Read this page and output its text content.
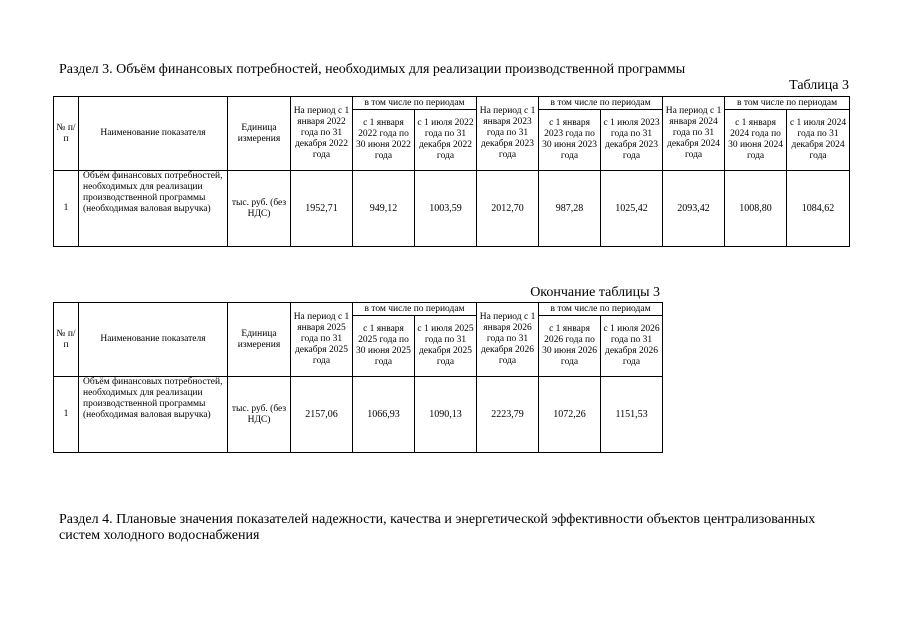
Раздел 3. Объём финансовых потребностей, необходимых для реализации производственной программы

Таблица 3
№ п/п	Наименование показателя	Единица измерения	На период с 1 января 2022 года по 31 декабря 2022 года	в том числе по периодам		На период с 1 января 2023 года по 31 декабря 2023 года	в том числе по периодам		На период с 1 января 2024 года по 31 декабря 2024 года	в том числе по периодам	
				с 1 января 2022 года по 30 июня 2022 года	с 1 июля 2022 года по 31 декабря 2022 года		с 1 января 2023 года по 30 июня 2023 года	с 1 июля 2023 года по 31 декабря 2023 года		с 1 января 2024 года по 30 июня 2024 года	с 1 июля 2024 года по 31 декабря 2024 года
1	Объём финансовых потребностей, необходимых для реализации производственной программы (необходимая валовая выручка)	тыс. руб. (без НДС)	1952,71	949,12	1003,59	2012,70	987,28	1025,42	2093,42	1008,80	1084,62
Окончание таблицы 3
№ п/п	Наименование показателя	Единица измерения	На период с 1 января 2025 года по 31 декабря 2025 года	в том числе по периодам		На период с 1 января 2026 года по 31 декабря 2026 года	в том числе по периодам	
				с 1 января 2025 года по 30 июня 2025 года	с 1 июля 2025 года по 31 декабря 2025 года		с 1 января 2026 года по 30 июня 2026 года	с 1 июля 2026 года по 31 декабря 2026 года
1	Объём финансовых потребностей, необходимых для реализации производственной программы (необходимая валовая выручка)	тыс. руб. (без НДС)	2157,06	1066,93	1090,13	2223,79	1072,26	1151,53

Раздел 4. Плановые значения показателей надежности, качества и энергетической эффективности объектов централизованных систем холодного водоснабжения
